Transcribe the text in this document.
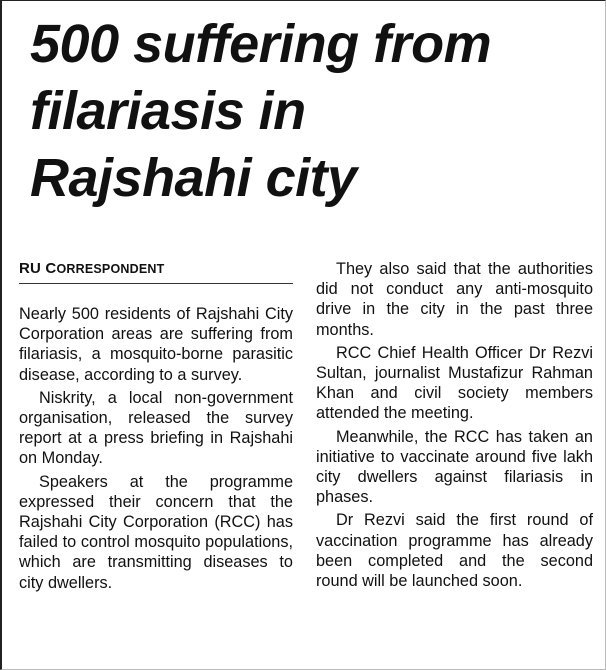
500 suffering from
filariasis in
Rajshahi city

RU CORRESPONDENT

Nearly 500 residents of Rajshahi City Corporation areas are suffering from filariasis, a mosquito-borne parasitic disease, according to a survey.

Niskrity, a local non-government organisation, released the survey report at a press briefing in Rajshahi on Monday.

Speakers at the programme expressed their concern that the Rajshahi City Corporation (RCC) has failed to control mosquito populations, which are transmitting diseases to city dwellers.

They also said that the authorities did not conduct any anti-mosquito drive in the city in the past three months.

RCC Chief Health Officer Dr Rezvi Sultan, journalist Mustafizur Rahman Khan and civil society members attended the meeting.

Meanwhile, the RCC has taken an initiative to vaccinate around five lakh city dwellers against filariasis in phases.

Dr Rezvi said the first round of vaccination programme has already been completed and the second round will be launched soon.
